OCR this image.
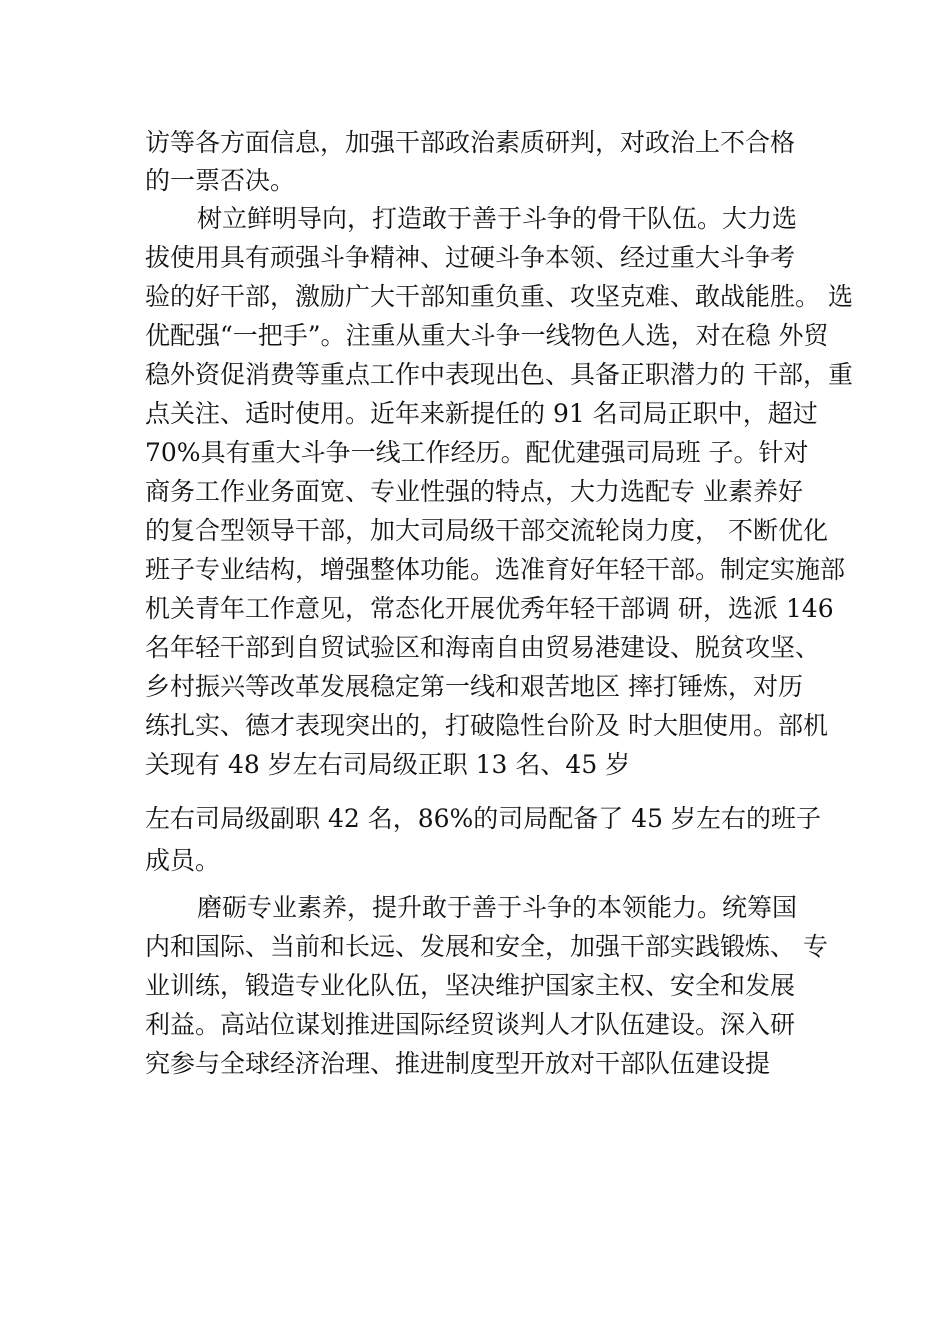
访等各方面信息，加强干部政治素质研判，对政治上不合格

的一票否决。

树立鲜明导向，打造敢于善于斗争的骨干队伍。大力选

拔使用具有顽强斗争精神、过硬斗争本领、经过重大斗争考

验的好干部，激励广大干部知重负重、攻坚克难、敢战能胜。 选

优配强“一把手”。注重从重大斗争一线物色人选，对在稳 外贸

稳外资促消费等重点工作中表现出色、具备正职潜力的 干部，重

点关注、适时使用。近年来新提任的 91 名司局正职中，超过

70%具有重大斗争一线工作经历。配优建强司局班 子。针对

商务工作业务面宽、专业性强的特点，大力选配专 业素养好

的复合型领导干部，加大司局级干部交流轮岗力度， 不断优化

班子专业结构，增强整体功能。选准育好年轻干部。制定实施部

机关青年工作意见，常态化开展优秀年轻干部调 研，选派 146

名年轻干部到自贸试验区和海南自由贸易港建设、脱贫攻坚、

乡村振兴等改革发展稳定第一线和艰苦地区 摔打锤炼，对历

练扎实、德才表现突出的，打破隐性台阶及 时大胆使用。部机

关现有 48 岁左右司局级正职 13 名、45 岁

左右司局级副职 42 名，86%的司局配备了 45 岁左右的班子

成员。

磨砺专业素养，提升敢于善于斗争的本领能力。统筹国

内和国际、当前和长远、发展和安全，加强干部实践锻炼、 专

业训练，锻造专业化队伍，坚决维护国家主权、安全和发展

利益。高站位谋划推进国际经贸谈判人才队伍建设。深入研

究参与全球经济治理、推进制度型开放对干部队伍建设提
